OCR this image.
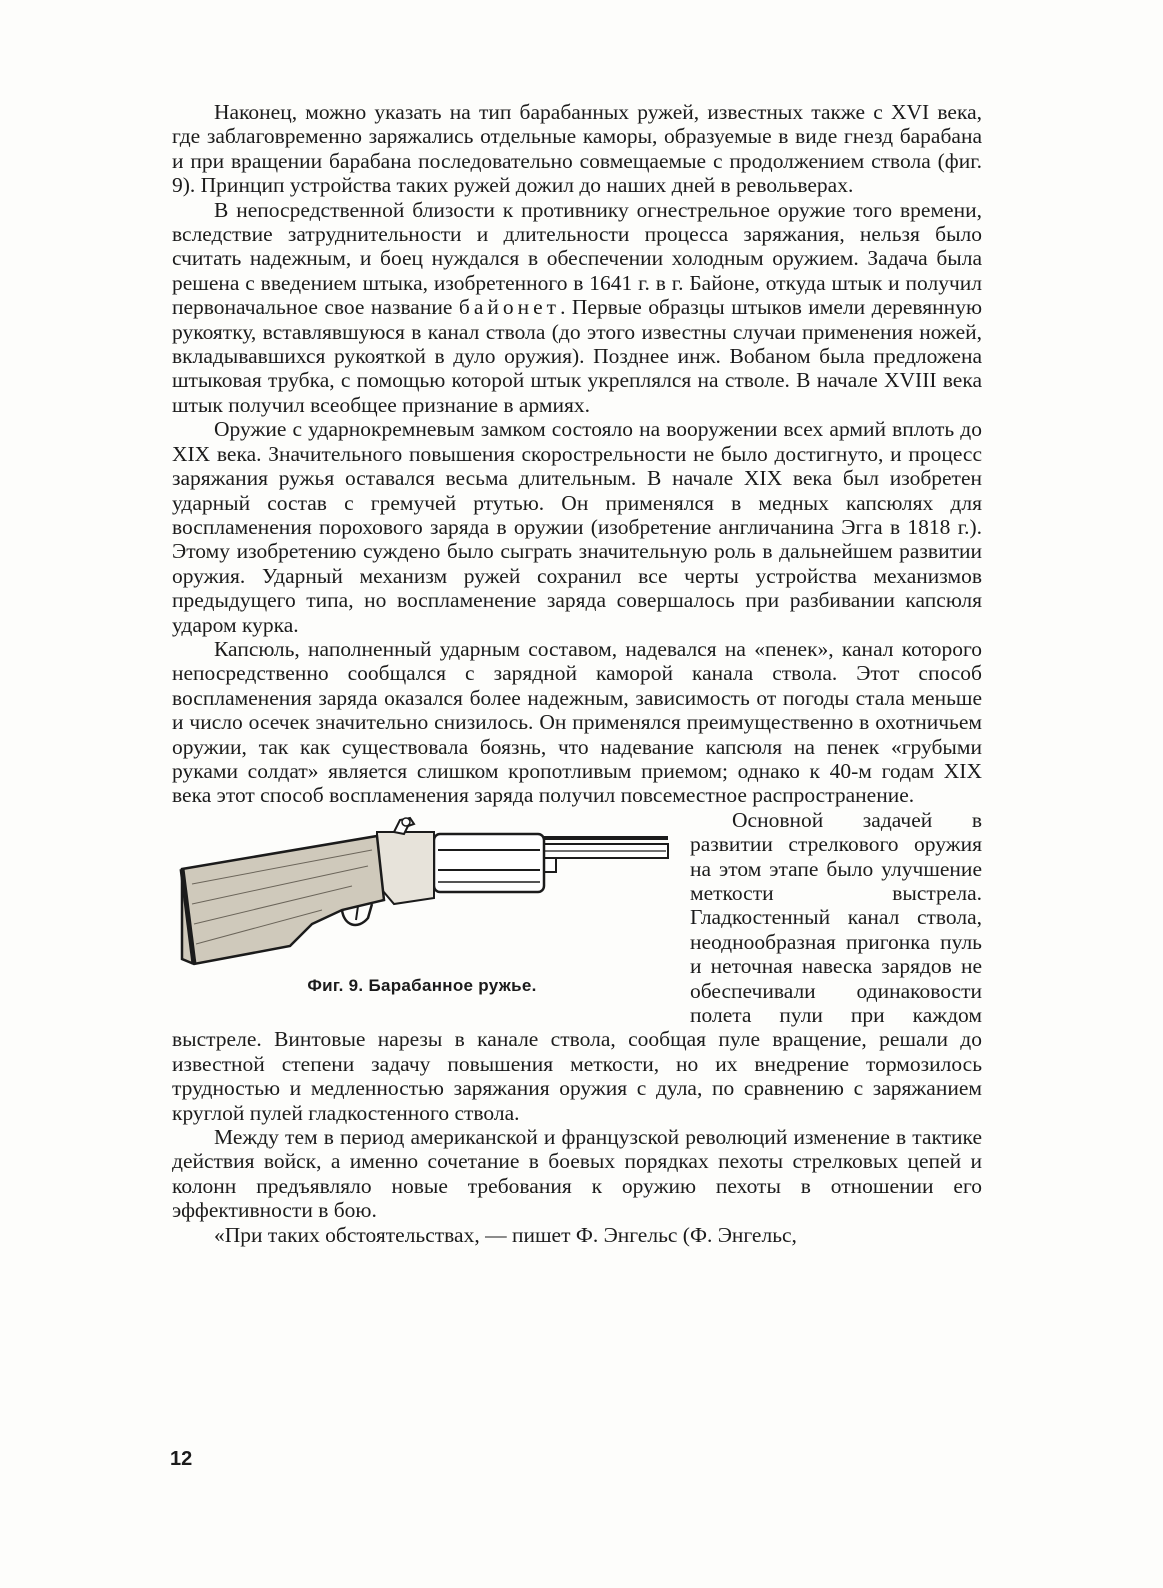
Наконец, можно указать на тип барабанных ружей, известных также с XVI века, где заблаговременно заряжались отдельные каморы, образуемые в виде гнезд барабана и при вращении барабана последовательно совмещаемые с продолжением ствола (фиг. 9). Принцип устройства таких ружей дожил до наших дней в револьверах.

В непосредственной близости к противнику огнестрельное оружие того времени, вследствие затруднительности и длительности процесса заряжания, нельзя было считать надежным, и боец нуждался в обеспечении холодным оружием. Задача была решена с введением штыка, изобретенного в 1641 г. в г. Байоне, откуда штык и получил первоначальное свое название байонет. Первые образцы штыков имели деревянную рукоятку, вставлявшуюся в канал ствола (до этого известны случаи применения ножей, вкладывавшихся рукояткой в дуло оружия). Позднее инж. Вобаном была предложена штыковая трубка, с помощью которой штык укреплялся на стволе. В начале XVIII века штык получил всеобщее признание в армиях.

Оружие с ударнокремневым замком состояло на вооружении всех армий вплоть до XIX века. Значительного повышения скорострельности не было достигнуто, и процесс заряжания ружья оставался весьма длительным. В начале XIX века был изобретен ударный состав с гремучей ртутью. Он применялся в медных капсюлях для воспламенения порохового заряда в оружии (изобретение англичанина Эгга в 1818 г.). Этому изобретению суждено было сыграть значительную роль в дальнейшем развитии оружия. Ударный механизм ружей сохранил все черты устройства механизмов предыдущего типа, но воспламенение заряда совершалось при разбивании капсюля ударом курка.

Капсюль, наполненный ударным составом, надевался на «пенек», канал которого непосредственно сообщался с зарядной каморой канала ствола. Этот способ воспламенения заряда оказался более надежным, зависимость от погоды стала меньше и число осечек значительно снизилось. Он применялся преимущественно в охотничьем оружии, так как существовала боязнь, что надевание капсюля на пенек «грубыми руками солдат» является слишком кропотливым приемом; однако к 40-м годам XIX века этот способ воспламенения заряда получил повсеместное распространение.

Фиг. 9. Барабанное ружье.

Основной задачей в развитии стрелкового оружия на этом этапе было улучшение меткости выстрела. Гладкостенный канал ствола, неоднообразная пригонка пуль и неточная навеска зарядов не обеспечивали одинаковости полета пули при каждом выстреле. Винтовые нарезы в канале ствола, сообщая пуле вращение, решали до известной степени задачу повышения меткости, но их внедрение тормозилось трудностью и медленностью заряжания оружия с дула, по сравнению с заряжанием круглой пулей гладкостенного ствола.

Между тем в период американской и французской революций изменение в тактике действия войск, а именно сочетание в боевых порядках пехоты стрелковых цепей и колонн предъявляло новые требования к оружию пехоты в отношении его эффективности в бою.

«При таких обстоятельствах, — пишет Ф. Энгельс (Ф. Энгельс,

12
